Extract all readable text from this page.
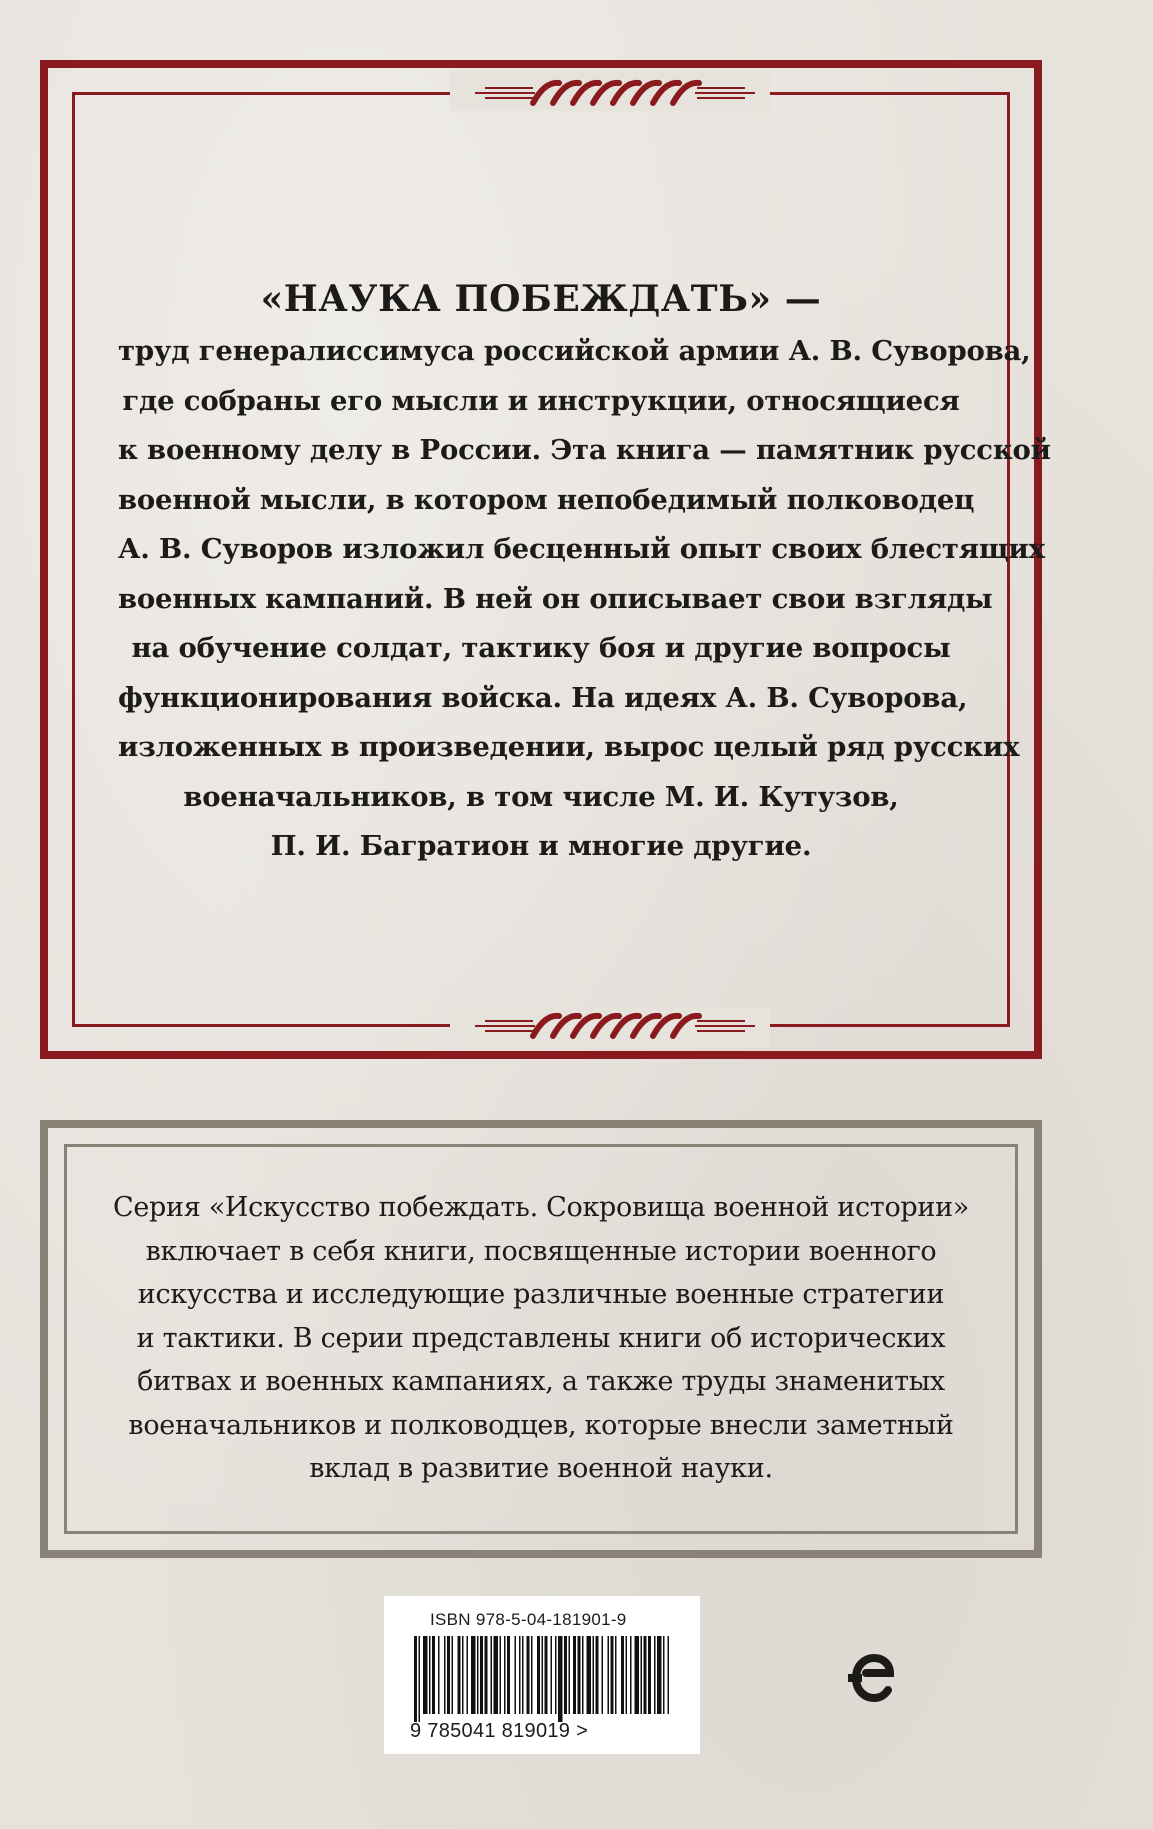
«НАУКА ПОБЕЖДАТЬ» —
труд генералиссимуса российской армии А. В. Суворова,
где собраны его мысли и инструкции, относящиеся
к военному делу в России. Эта книга — памятник русской
военной мысли, в котором непобедимый полководец
А. В. Суворов изложил бесценный опыт своих блестящих
военных кампаний. В ней он описывает свои взгляды
на обучение солдат, тактику боя и другие вопросы
функционирования войска. На идеях А. В. Суворова,
изложенных в произведении, вырос целый ряд русских
военачальников, в том числе М. И. Кутузов,
П. И. Багратион и многие другие.
Серия «Искусство побеждать. Сокровища военной истории»
включает в себя книги, посвященные истории военного
искусства и исследующие различные военные стратегии
и тактики. В серии представлены книги об исторических
битвах и военных кампаниях, а также труды знаменитых
военачальников и полководцев, которые внесли заметный
вклад в развитие военной науки.
ISBN 978-5-04-181901-9
9 785041 819019 >
